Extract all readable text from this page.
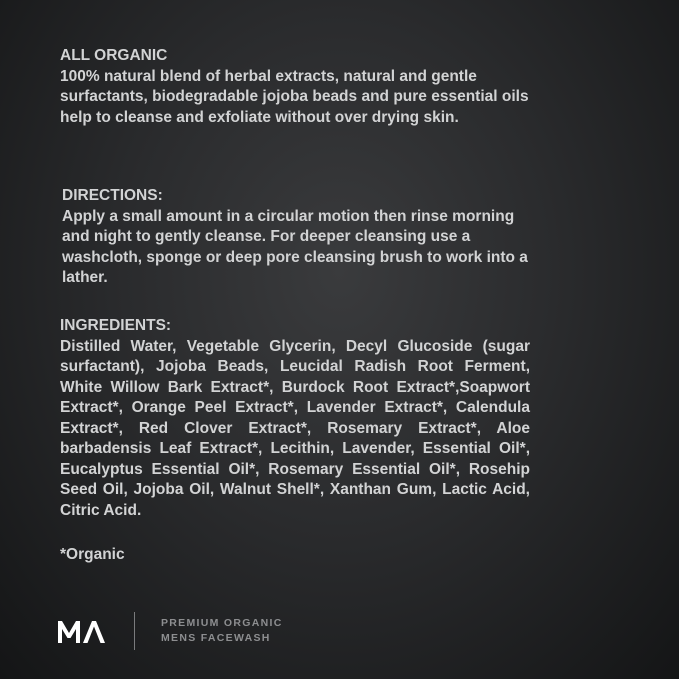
ALL ORGANIC
100% natural blend of herbal extracts, natural and gentle surfactants, biodegradable jojoba beads and pure essential oils help to cleanse and exfoliate without over drying skin.
DIRECTIONS:
Apply a small amount in a circular motion then rinse morning and night to gently cleanse. For deeper cleansing use a washcloth, sponge or deep pore cleansing brush to work into a lather.
INGREDIENTS:
Distilled Water, Vegetable Glycerin, Decyl Glucoside (sugar surfactant), Jojoba Beads, Leucidal Radish Root Ferment, White Willow Bark Extract*, Burdock Root Extract*,Soapwort Extract*, Orange Peel Extract*, Lavender Extract*, Calendula Extract*, Red Clover Extract*, Rosemary Extract*, Aloe barbadensis Leaf Extract*, Lecithin, Lavender, Essential Oil*, Eucalyptus Essential Oil*, Rosemary Essential Oil*, Rosehip Seed Oil, Jojoba Oil, Walnut Shell*, Xanthan Gum, Lactic Acid, Citric Acid.
*Organic
PREMIUM ORGANIC
MENS FACEWASH
